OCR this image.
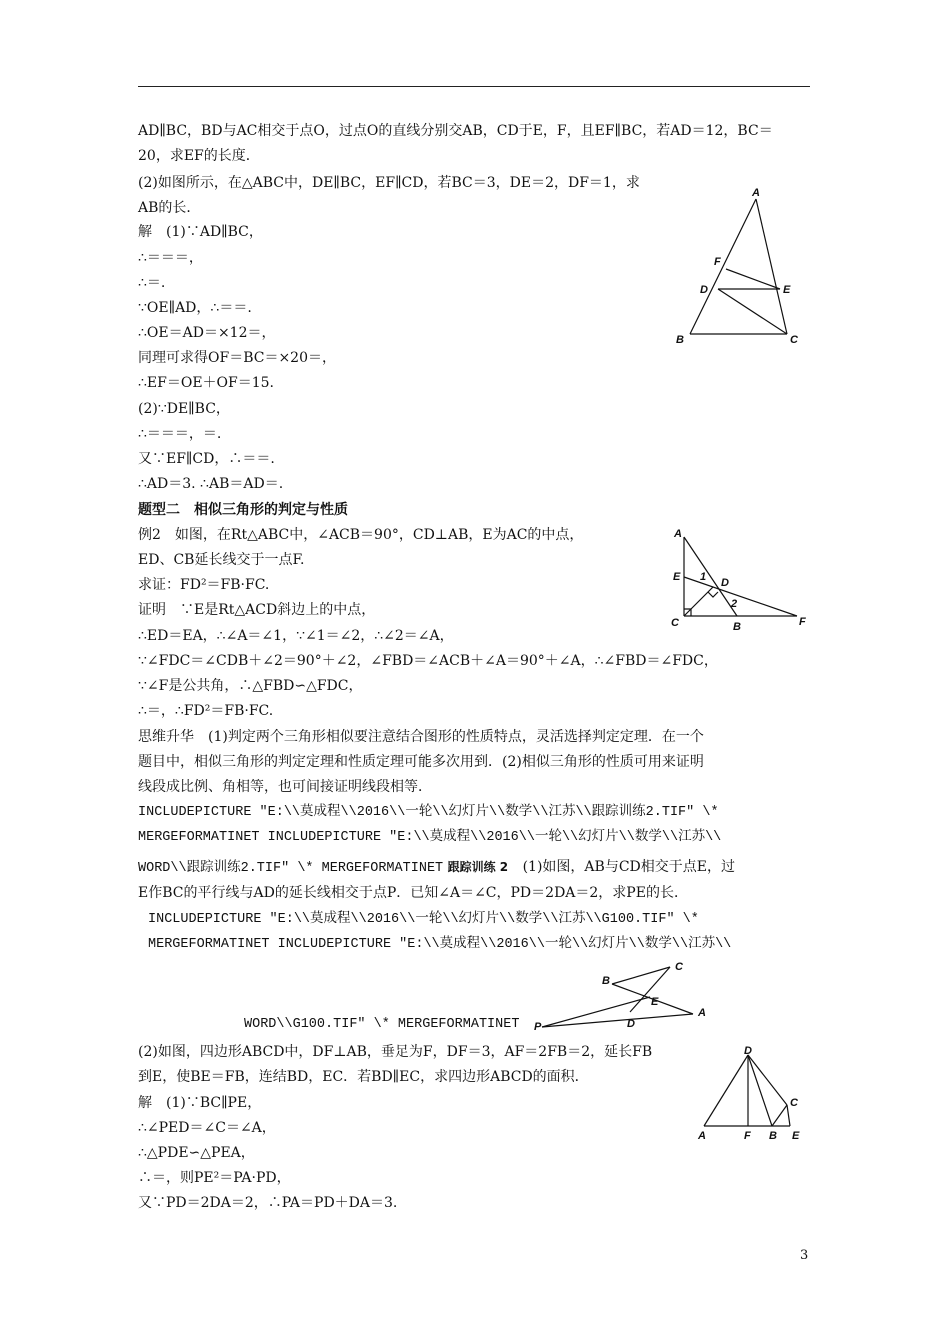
AD∥BC，BD与AC相交于点O，过点O的直线分别交AB，CD于E，F，且EF∥BC，若AD＝12，BC＝
20，求EF的长度．
(2)如图所示，在△ABC中，DE∥BC，EF∥CD，若BC＝3，DE＝2，DF＝1，求
AB的长．
解　(1)∵AD∥BC，
∴＝＝＝，
∴＝.
∵OE∥AD，∴＝＝.
∴OE＝AD＝×12＝，
同理可求得OF＝BC＝×20＝，
∴EF＝OE＋OF＝15.
(2)∵DE∥BC，
∴＝＝＝，＝.
又∵EF∥CD，∴＝＝.
∴AD＝3. ∴AB＝AD＝.
题型二　相似三角形的判定与性质
例2　如图，在Rt△ABC中，∠ACB＝90°，CD⊥AB，E为AC的中点，
ED、CB延长线交于一点F.
求证：FD²＝FB·FC.
证明　∵E是Rt△ACD斜边上的中点，
∴ED＝EA，∴∠A＝∠1，∵∠1＝∠2，∴∠2＝∠A，
∵∠FDC＝∠CDB＋∠2＝90°＋∠2，∠FBD＝∠ACB＋∠A＝90°＋∠A，∴∠FBD＝∠FDC，
∵∠F是公共角，∴△FBD∽△FDC，
∴＝，∴FD²＝FB·FC.
思维升华　(1)判定两个三角形相似要注意结合图形的性质特点，灵活选择判定定理．在一个
题目中，相似三角形的判定定理和性质定理可能多次用到．(2)相似三角形的性质可用来证明
线段成比例、角相等，也可间接证明线段相等．
INCLUDEPICTURE "E:\\莫成程\\2016\\一轮\\幻灯片\\数学\\江苏\\跟踪训练2.TIF" \*
MERGEFORMATINET INCLUDEPICTURE "E:\\莫成程\\2016\\一轮\\幻灯片\\数学\\江苏\\
WORD\\跟踪训练2.TIF" \* MERGEFORMATINET 跟踪训练 2 (1)如图，AB与CD相交于点E，过
E作BC的平行线与AD的延长线相交于点P．已知∠A＝∠C，PD＝2DA＝2，求PE的长．
INCLUDEPICTURE "E:\\莫成程\\2016\\一轮\\幻灯片\\数学\\江苏\\G100.TIF" \*
MERGEFORMATINET INCLUDEPICTURE "E:\\莫成程\\2016\\一轮\\幻灯片\\数学\\江苏\\
WORD\\G100.TIF" \* MERGEFORMATINET
(2)如图，四边形ABCD中，DF⊥AB，垂足为F，DF＝3，AF＝2FB＝2，延长FB
到E，使BE＝FB，连结BD，EC．若BD∥EC，求四边形ABCD的面积．
解　(1)∵BC∥PE，
∴∠PED＝∠C＝∠A，
∴△PDE∽△PEA，
∴＝，则PE²＝PA·PD，
又∵PD＝2DA＝2，∴PA＝PD＋DA＝3.
A
F
D	E
B	C
A
E 1 D
2
C	B	F
B
C
E
A
D
P
D
C
A	F B E
3
